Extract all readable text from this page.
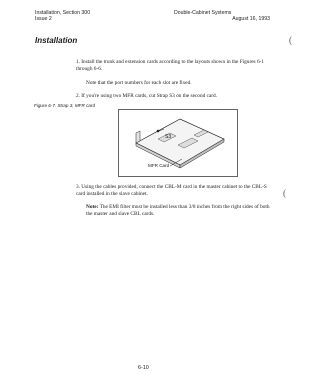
Installation, Section 300
Issue 2
Double-Cabinet Systems
August 16, 1993
(
Installation
1. Install the trunk and extension cards according to the layouts shown in the Figures 6-1 through 6-6.
Note that the port numbers for each slot are fixed.
2. If you're using two MFR cards, cut Strap S3 on the second card.
Figure 6-7. Strap 3, MFR card
S3
MFR Card
3. Using the cables provided, connect the CBL-M card in the master cabinet to the CBL-S card installed in the slave cabinet.	(
Note: The EMI filter must be installed less than 3/8 inches from the right sides of both the master and slave CBL cards.
6-10
